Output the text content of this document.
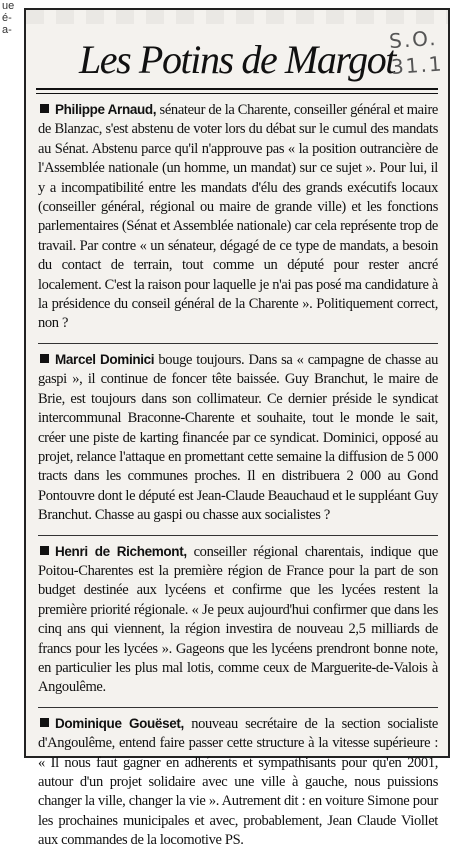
ue
é-
a-
Les Potins de Margot
S.O.
31.1

Philippe Arnaud, sénateur de la Charente, conseiller général et maire de Blanzac, s'est abstenu de voter lors du débat sur le cumul des mandats au Sénat. Abstenu parce qu'il n'approuve pas « la position outrancière de l'Assemblée nationale (un homme, un mandat) sur ce sujet ». Pour lui, il y a incompatibilité entre les mandats d'élu des grands exécutifs locaux (conseiller général, régional ou maire de grande ville) et les fonctions parlementaires (Sénat et Assemblée nationale) car cela représente trop de travail. Par contre « un sénateur, dégagé de ce type de mandats, a besoin du contact de terrain, tout comme un député pour rester ancré localement. C'est la raison pour laquelle je n'ai pas posé ma candidature à la présidence du conseil général de la Charente ». Politiquement correct, non ?

Marcel Dominici bouge toujours. Dans sa « campagne de chasse au gaspi », il continue de foncer tête baissée. Guy Branchut, le maire de Brie, est toujours dans son collimateur. Ce dernier préside le syndicat intercommunal Braconne-Charente et souhaite, tout le monde le sait, créer une piste de karting financée par ce syndicat. Dominici, opposé au projet, relance l'attaque en promettant cette semaine la diffusion de 5 000 tracts dans les communes proches. Il en distribuera 2 000 au Gond Pontouvre dont le député est Jean-Claude Beauchaud et le suppléant Guy Branchut. Chasse au gaspi ou chasse aux socialistes ?

Henri de Richemont, conseiller régional charentais, indique que Poitou-Charentes est la première région de France pour la part de son budget destinée aux lycéens et confirme que les lycées restent la première priorité régionale. « Je peux aujourd'hui confirmer que dans les cinq ans qui viennent, la région investira de nouveau 2,5 milliards de francs pour les lycées ». Gageons que les lycéens prendront bonne note, en particulier les plus mal lotis, comme ceux de Marguerite-de-Valois à Angoulême.

Dominique Gouëset, nouveau secrétaire de la section socialiste d'Angoulême, entend faire passer cette structure à la vitesse supérieure : « Il nous faut gagner en adhérents et sympathisants pour qu'en 2001, autour d'un projet solidaire avec une ville à gauche, nous puissions changer la ville, changer la vie ». Autrement dit : en voiture Simone pour les prochaines municipales et avec, probablement, Jean Claude Viollet aux commandes de la locomotive PS.
